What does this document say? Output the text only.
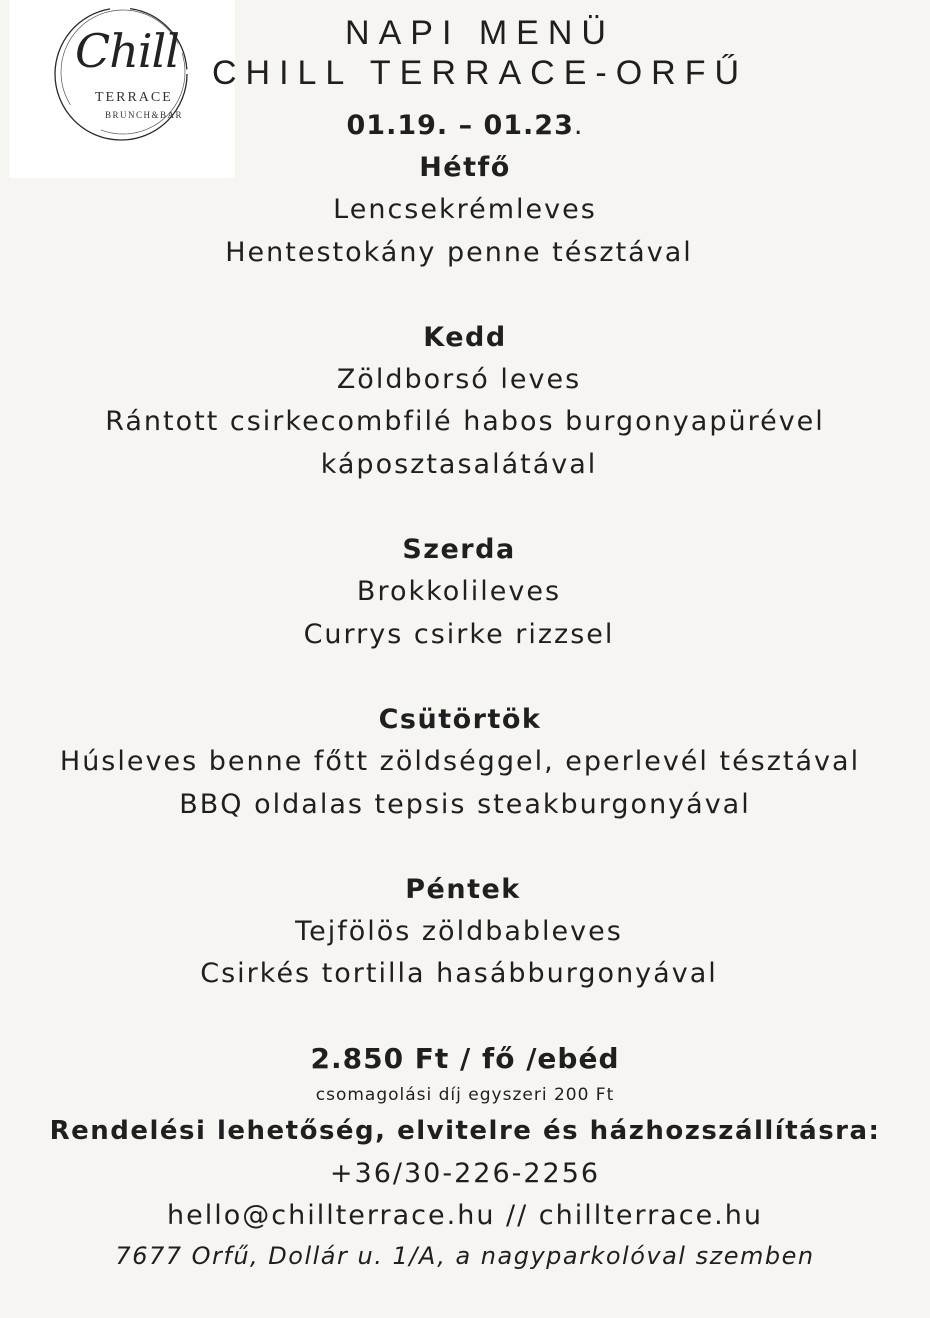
Chill
TERRACE
BRUNCH&BAR
NAPI MENÜ
CHILL TERRACE-ORFŰ
01.19. – 01.23.
Hétfő
Lencsekrémleves
Hentestokány penne tésztával
Kedd
Zöldborsó leves
Rántott csirkecombfilé habos burgonyapürével
káposztasalátával
Szerda
Brokkolileves
Currys csirke rizzsel
Csütörtök
Húsleves benne főtt zöldséggel, eperlevél tésztával
BBQ oldalas tepsis steakburgonyával
Péntek
Tejfölös zöldbableves
Csirkés tortilla hasábburgonyával
2.850 Ft / fő /ebéd
csomagolási díj egyszeri 200 Ft
Rendelési lehetőség, elvitelre és házhozszállításra:
+36/30-226-2256
hello@chillterrace.hu // chillterrace.hu
7677 Orfű, Dollár u. 1/A, a nagyparkolóval szemben
